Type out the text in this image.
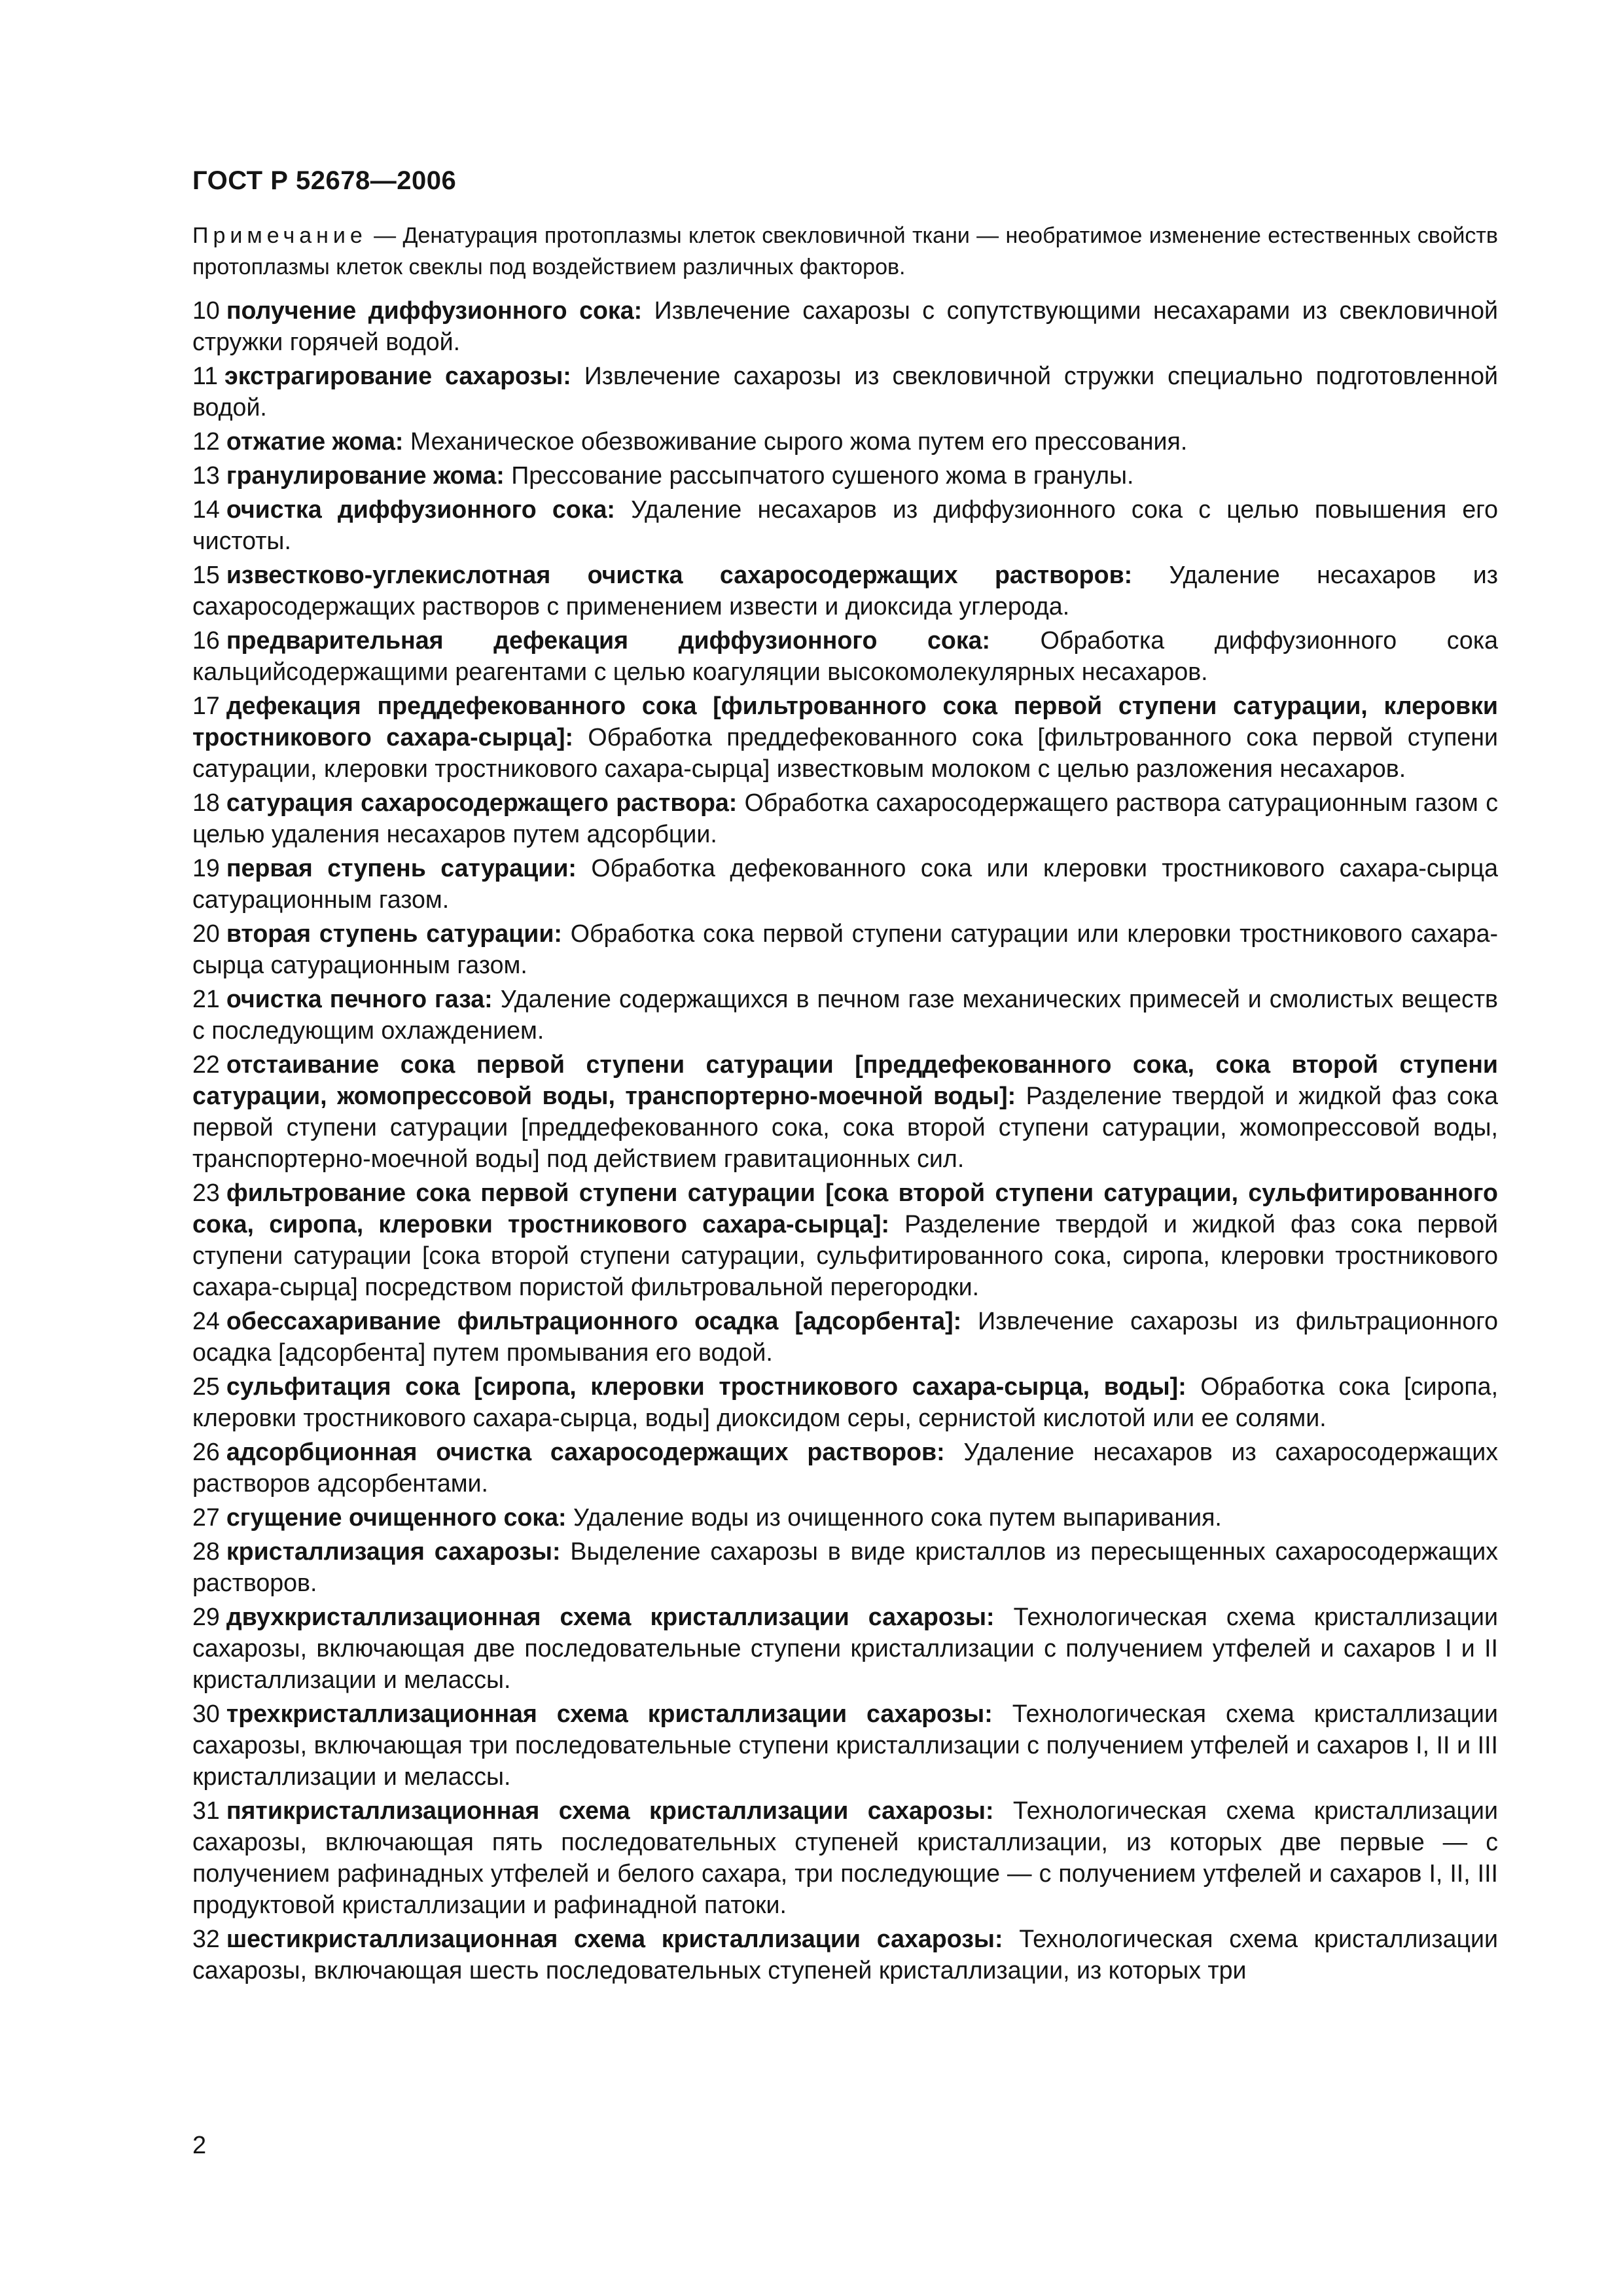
ГОСТ Р 52678—2006

Примечание — Денатурация протоплазмы клеток свекловичной ткани — необратимое изменение естественных свойств протоплазмы клеток свеклы под воздействием различных факторов.

10 получение диффузионного сока: Извлечение сахарозы с сопутствующими несахарами из свекловичной стружки горячей водой.

11 экстрагирование сахарозы: Извлечение сахарозы из свекловичной стружки специально подготовленной водой.

12 отжатие жома: Механическое обезвоживание сырого жома путем его прессования.

13 гранулирование жома: Прессование рассыпчатого сушеного жома в гранулы.

14 очистка диффузионного сока: Удаление несахаров из диффузионного сока с целью повышения его чистоты.

15 известково-углекислотная очистка сахаросодержащих растворов: Удаление несахаров из сахаросодержащих растворов с применением извести и диоксида углерода.

16 предварительная дефекация диффузионного сока: Обработка диффузионного сока кальцийсодержащими реагентами с целью коагуляции высокомолекулярных несахаров.

17 дефекация преддефекованного сока [фильтрованного сока первой ступени сатурации, клеровки тростникового сахара-сырца]: Обработка преддефекованного сока [фильтрованного сока первой ступени сатурации, клеровки тростникового сахара-сырца] известковым молоком с целью разложения несахаров.

18 сатурация сахаросодержащего раствора: Обработка сахаросодержащего раствора сатурационным газом с целью удаления несахаров путем адсорбции.

19 первая ступень сатурации: Обработка дефекованного сока или клеровки тростникового сахара-сырца сатурационным газом.

20 вторая ступень сатурации: Обработка сока первой ступени сатурации или клеровки тростникового сахара-сырца сатурационным газом.

21 очистка печного газа: Удаление содержащихся в печном газе механических примесей и смолистых веществ с последующим охлаждением.

22 отстаивание сока первой ступени сатурации [преддефекованного сока, сока второй ступени сатурации, жомопрессовой воды, транспортерно-моечной воды]: Разделение твердой и жидкой фаз сока первой ступени сатурации [преддефекованного сока, сока второй ступени сатурации, жомопрессовой воды, транспортерно-моечной воды] под действием гравитационных сил.

23 фильтрование сока первой ступени сатурации [сока второй ступени сатурации, сульфитированного сока, сиропа, клеровки тростникового сахара-сырца]: Разделение твердой и жидкой фаз сока первой ступени сатурации [сока второй ступени сатурации, сульфитированного сока, сиропа, клеровки тростникового сахара-сырца] посредством пористой фильтровальной перегородки.

24 обессахаривание фильтрационного осадка [адсорбента]: Извлечение сахарозы из фильтрационного осадка [адсорбента] путем промывания его водой.

25 сульфитация сока [сиропа, клеровки тростникового сахара-сырца, воды]: Обработка сока [сиропа, клеровки тростникового сахара-сырца, воды] диоксидом серы, сернистой кислотой или ее солями.

26 адсорбционная очистка сахаросодержащих растворов: Удаление несахаров из сахаросодержащих растворов адсорбентами.

27 сгущение очищенного сока: Удаление воды из очищенного сока путем выпаривания.

28 кристаллизация сахарозы: Выделение сахарозы в виде кристаллов из пересыщенных сахаросодержащих растворов.

29 двухкристаллизационная схема кристаллизации сахарозы: Технологическая схема кристаллизации сахарозы, включающая две последовательные ступени кристаллизации с получением утфелей и сахаров I и II кристаллизации и мелассы.

30 трехкристаллизационная схема кристаллизации сахарозы: Технологическая схема кристаллизации сахарозы, включающая три последовательные ступени кристаллизации с получением утфелей и сахаров I, II и III кристаллизации и мелассы.

31 пятикристаллизационная схема кристаллизации сахарозы: Технологическая схема кристаллизации сахарозы, включающая пять последовательных ступеней кристаллизации, из которых две первые — с получением рафинадных утфелей и белого сахара, три последующие — с получением утфелей и сахаров I, II, III продуктовой кристаллизации и рафинадной патоки.

32 шестикристаллизационная схема кристаллизации сахарозы: Технологическая схема кристаллизации сахарозы, включающая шесть последовательных ступеней кристаллизации, из которых три

2
